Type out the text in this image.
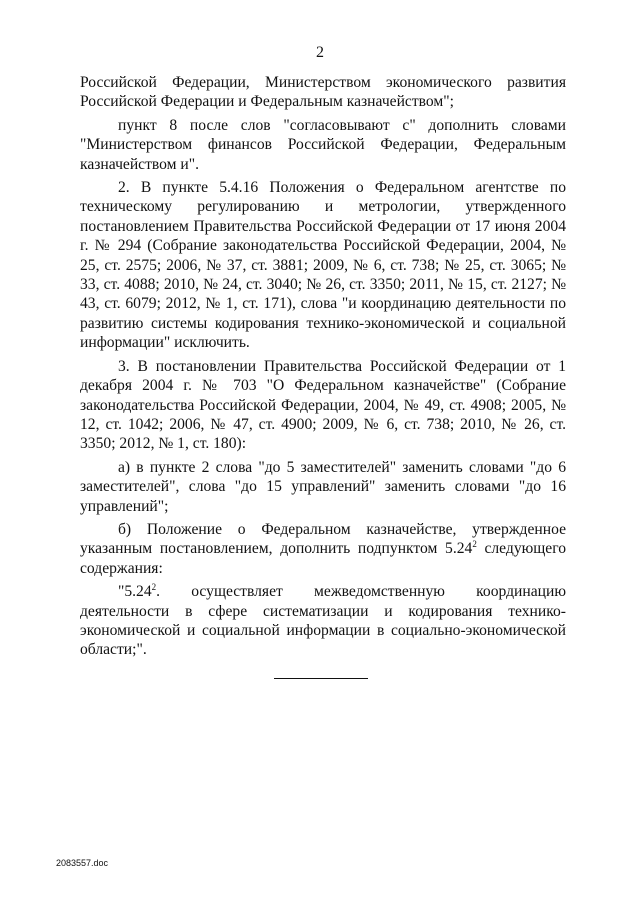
2

Российской Федерации, Министерством экономического развития Российской Федерации и Федеральным казначейством";

пункт 8 после слов "согласовывают с" дополнить словами "Министерством финансов Российской Федерации, Федеральным казначейством и".

2. В пункте 5.4.16 Положения о Федеральном агентстве по техническому регулированию и метрологии, утвержденного постановлением Правительства Российской Федерации от 17 июня 2004 г. № 294 (Собрание законодательства Российской Федерации, 2004, № 25, ст. 2575; 2006, № 37, ст. 3881; 2009, № 6, ст. 738; № 25, ст. 3065; № 33, ст. 4088; 2010, № 24, ст. 3040; № 26, ст. 3350; 2011, № 15, ст. 2127; № 43, ст. 6079; 2012, № 1, ст. 171), слова "и координацию деятельности по развитию системы кодирования технико-экономической и социальной информации" исключить.

3. В постановлении Правительства Российской Федерации от 1 декабря 2004 г. № 703 "О Федеральном казначействе" (Собрание законодательства Российской Федерации, 2004, № 49, ст. 4908; 2005, № 12, ст. 1042; 2006, № 47, ст. 4900; 2009, № 6, ст. 738; 2010, № 26, ст. 3350; 2012, № 1, ст. 180):

а) в пункте 2 слова "до 5 заместителей" заменить словами "до 6 заместителей", слова "до 15 управлений" заменить словами "до 16 управлений";

б) Положение о Федеральном казначействе, утвержденное указанным постановлением, дополнить подпунктом 5.24$^2$ следующего содержания:

"5.24$^2$. осуществляет межведомственную координацию деятельности в сфере систематизации и кодирования технико-экономической и социальной информации в социально-экономической области;".

2083557.doc
